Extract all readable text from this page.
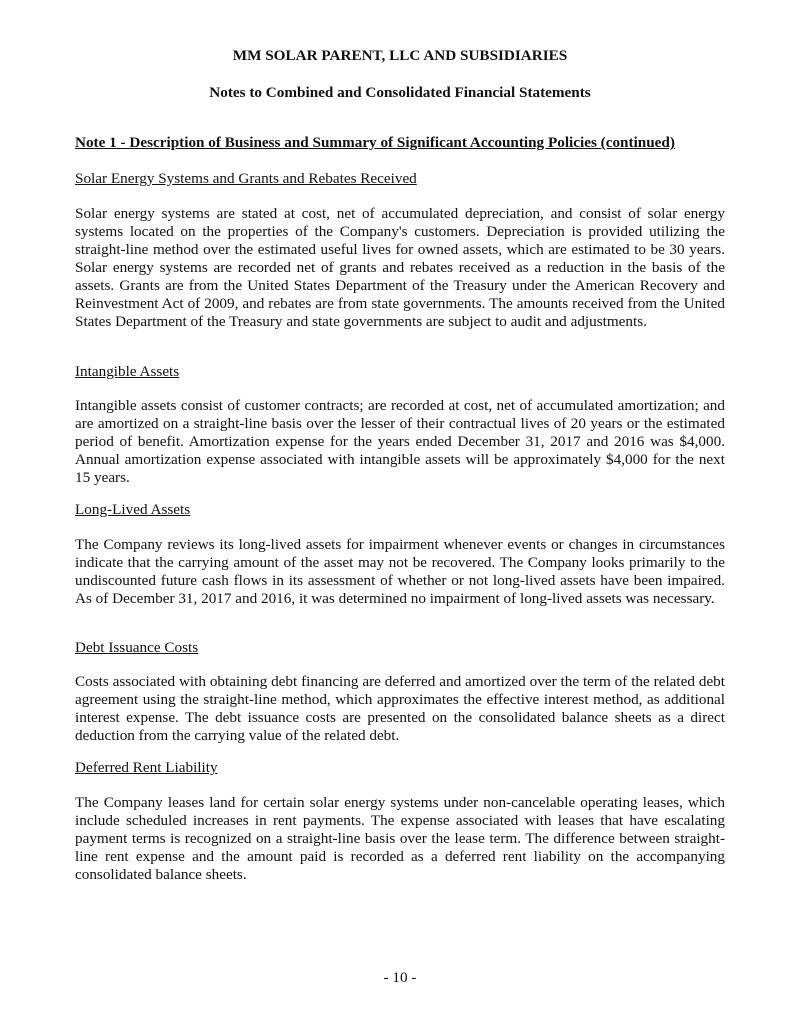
MM SOLAR PARENT, LLC AND SUBSIDIARIES
Notes to Combined and Consolidated Financial Statements
Note 1 - Description of Business and Summary of Significant Accounting Policies (continued)
Solar Energy Systems and Grants and Rebates Received
Solar energy systems are stated at cost, net of accumulated depreciation, and consist of solar energy systems located on the properties of the Company's customers. Depreciation is provided utilizing the straight-line method over the estimated useful lives for owned assets, which are estimated to be 30 years. Solar energy systems are recorded net of grants and rebates received as a reduction in the basis of the assets. Grants are from the United States Department of the Treasury under the American Recovery and Reinvestment Act of 2009, and rebates are from state governments. The amounts received from the United States Department of the Treasury and state governments are subject to audit and adjustments.
Intangible Assets
Intangible assets consist of customer contracts; are recorded at cost, net of accumulated amortization; and are amortized on a straight-line basis over the lesser of their contractual lives of 20 years or the estimated period of benefit. Amortization expense for the years ended December 31, 2017 and 2016 was $4,000. Annual amortization expense associated with intangible assets will be approximately $4,000 for the next 15 years.
Long-Lived Assets
The Company reviews its long-lived assets for impairment whenever events or changes in circumstances indicate that the carrying amount of the asset may not be recovered. The Company looks primarily to the undiscounted future cash flows in its assessment of whether or not long-lived assets have been impaired. As of December 31, 2017 and 2016, it was determined no impairment of long-lived assets was necessary.
Debt Issuance Costs
Costs associated with obtaining debt financing are deferred and amortized over the term of the related debt agreement using the straight-line method, which approximates the effective interest method, as additional interest expense. The debt issuance costs are presented on the consolidated balance sheets as a direct deduction from the carrying value of the related debt.
Deferred Rent Liability
The Company leases land for certain solar energy systems under non-cancelable operating leases, which include scheduled increases in rent payments. The expense associated with leases that have escalating payment terms is recognized on a straight-line basis over the lease term. The difference between straight-line rent expense and the amount paid is recorded as a deferred rent liability on the accompanying consolidated balance sheets.
- 10 -
